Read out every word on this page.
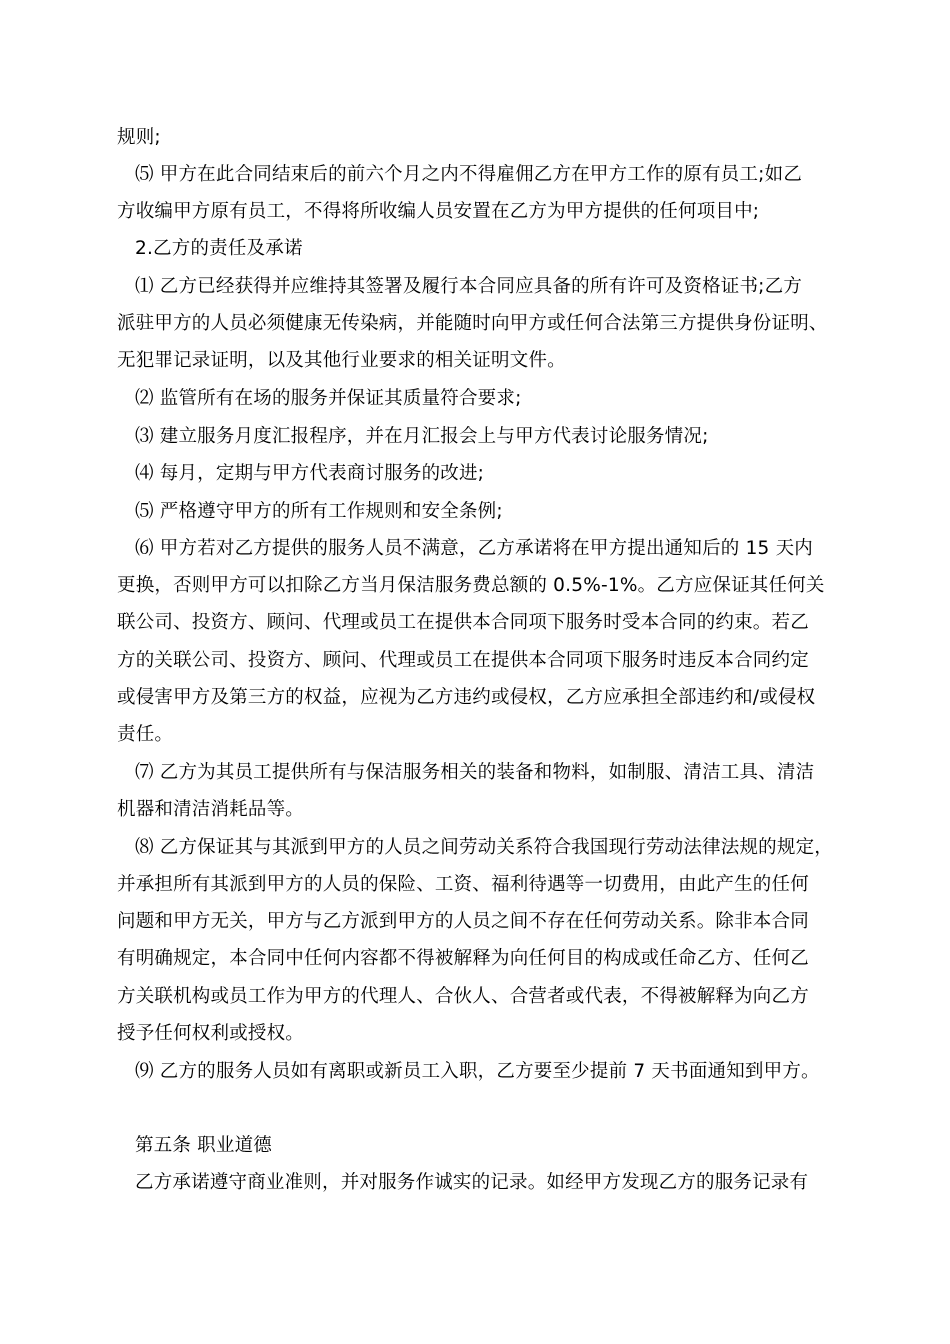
规则;
⑸ 甲方在此合同结束后的前六个月之内不得雇佣乙方在甲方工作的原有员工;如乙
方收编甲方原有员工，不得将所收编人员安置在乙方为甲方提供的任何项目中;
2.乙方的责任及承诺
⑴ 乙方已经获得并应维持其签署及履行本合同应具备的所有许可及资格证书;乙方
派驻甲方的人员必须健康无传染病，并能随时向甲方或任何合法第三方提供身份证明、
无犯罪记录证明，以及其他行业要求的相关证明文件。
⑵ 监管所有在场的服务并保证其质量符合要求;
⑶ 建立服务月度汇报程序，并在月汇报会上与甲方代表讨论服务情况;
⑷ 每月，定期与甲方代表商讨服务的改进;
⑸ 严格遵守甲方的所有工作规则和安全条例;
⑹ 甲方若对乙方提供的服务人员不满意，乙方承诺将在甲方提出通知后的 15 天内
更换，否则甲方可以扣除乙方当月保洁服务费总额的 0.5%-1%。乙方应保证其任何关
联公司、投资方、顾问、代理或员工在提供本合同项下服务时受本合同的约束。若乙
方的关联公司、投资方、顾问、代理或员工在提供本合同项下服务时违反本合同约定
或侵害甲方及第三方的权益，应视为乙方违约或侵权，乙方应承担全部违约和/或侵权
责任。
⑺ 乙方为其员工提供所有与保洁服务相关的装备和物料，如制服、清洁工具、清洁
机器和清洁消耗品等。
⑻ 乙方保证其与其派到甲方的人员之间劳动关系符合我国现行劳动法律法规的规定，
并承担所有其派到甲方的人员的保险、工资、福利待遇等一切费用，由此产生的任何
问题和甲方无关，甲方与乙方派到甲方的人员之间不存在任何劳动关系。除非本合同
有明确规定，本合同中任何内容都不得被解释为向任何目的构成或任命乙方、任何乙
方关联机构或员工作为甲方的代理人、合伙人、合营者或代表，不得被解释为向乙方
授予任何权利或授权。
⑼ 乙方的服务人员如有离职或新员工入职，乙方要至少提前 7 天书面通知到甲方。
第五条 职业道德
乙方承诺遵守商业准则，并对服务作诚实的记录。如经甲方发现乙方的服务记录有
